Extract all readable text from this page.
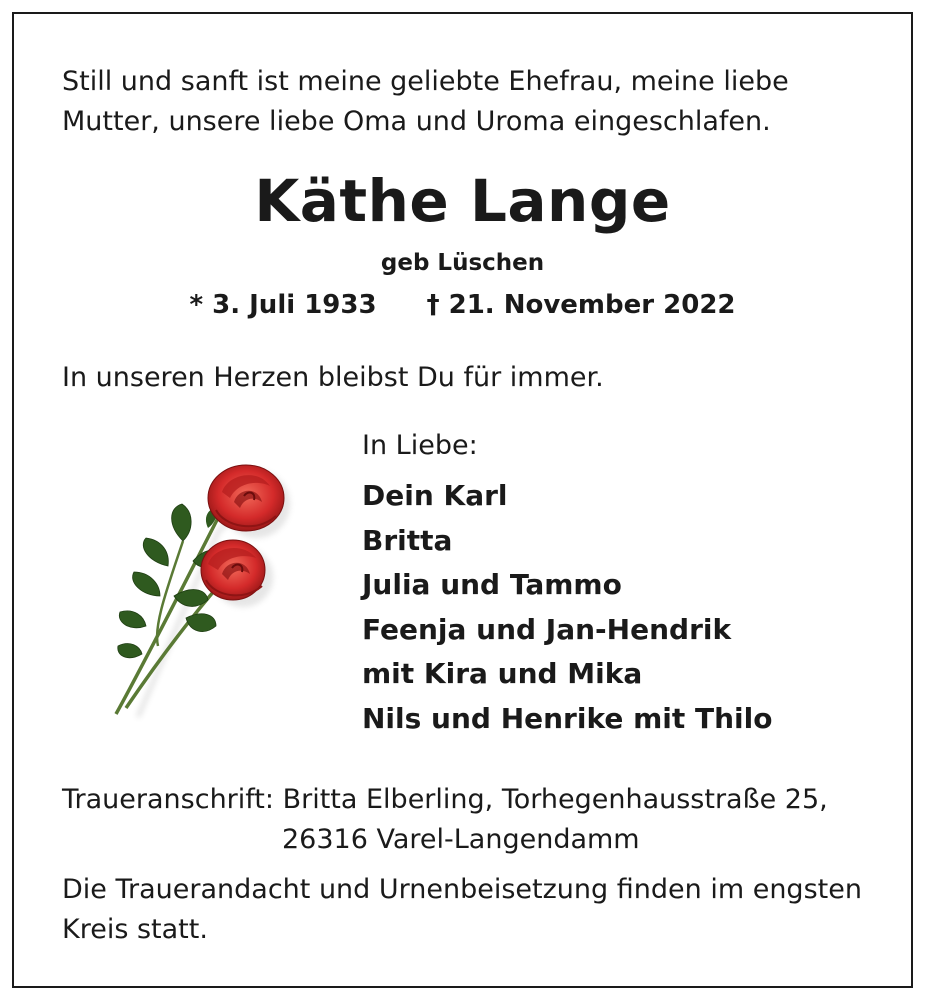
Still und sanft ist meine geliebte Ehefrau, meine liebe
Mutter, unsere liebe Oma und Uroma eingeschlafen.
Käthe Lange
geb Lüschen
* 3. Juli 1933 † 21. November 2022
In unseren Herzen bleibst Du für immer.
In Liebe:
Dein Karl
Britta
Julia und Tammo
Feenja und Jan-Hendrik
mit Kira und Mika
Nils und Henrike mit Thilo
Traueranschrift: Britta Elberling, Torhegenhausstraße 25,
26316 Varel-Langendamm
Die Trauerandacht und Urnenbeisetzung finden im engsten
Kreis statt.
